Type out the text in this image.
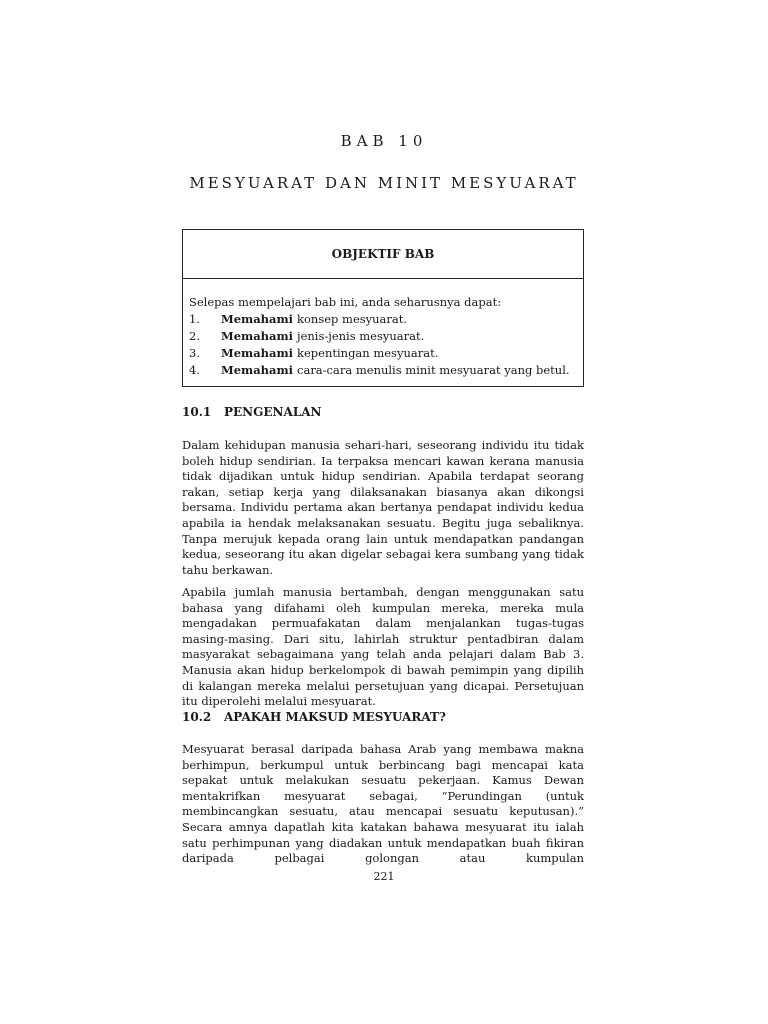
BAB 10
MESYUARAT DAN MINIT MESYUARAT
OBJEKTIF BAB
Selepas mempelajari bab ini, anda seharusnya dapat:
1.	Memahami konsep mesyuarat.
2.	Memahami jenis-jenis mesyuarat.
3.	Memahami kepentingan mesyuarat.
4.	Memahami cara-cara menulis minit mesyuarat yang betul.
10.1 PENGENALAN

Dalam kehidupan manusia sehari-hari, seseorang individu itu tidak boleh hidup sendirian. Ia terpaksa mencari kawan kerana manusia tidak dijadikan untuk hidup sendirian. Apabila terdapat seorang rakan, setiap kerja yang dilaksanakan biasanya akan dikongsi bersama. Individu pertama akan bertanya pendapat individu kedua apabila ia hendak melaksanakan sesuatu. Begitu juga sebaliknya. Tanpa merujuk kepada orang lain untuk mendapatkan pandangan kedua, seseorang itu akan digelar sebagai kera sumbang yang tidak tahu berkawan.

Apabila jumlah manusia bertambah, dengan menggunakan satu bahasa yang difahami oleh kumpulan mereka, mereka mula mengadakan permuafakatan dalam menjalankan tugas-tugas masing-masing. Dari situ, lahirlah struktur pentadbiran dalam masyarakat sebagaimana yang telah anda pelajari dalam Bab 3. Manusia akan hidup berkelompok di bawah pemimpin yang dipilih di kalangan mereka melalui persetujuan yang dicapai. Persetujuan itu diperolehi melalui mesyuarat.

10.2 APAKAH MAKSUD MESYUARAT?

Mesyuarat berasal daripada bahasa Arab yang membawa makna berhimpun, berkumpul untuk berbincang bagi mencapai kata sepakat untuk melakukan sesuatu pekerjaan. Kamus Dewan mentakrifkan mesyuarat sebagai, “Perundingan (untuk membincangkan sesuatu, atau mencapai sesuatu keputusan).” Secara amnya dapatlah kita katakan bahawa mesyuarat itu ialah satu perhimpunan yang diadakan untuk mendapatkan buah fikiran daripada pelbagai golongan atau kumpulan

221
